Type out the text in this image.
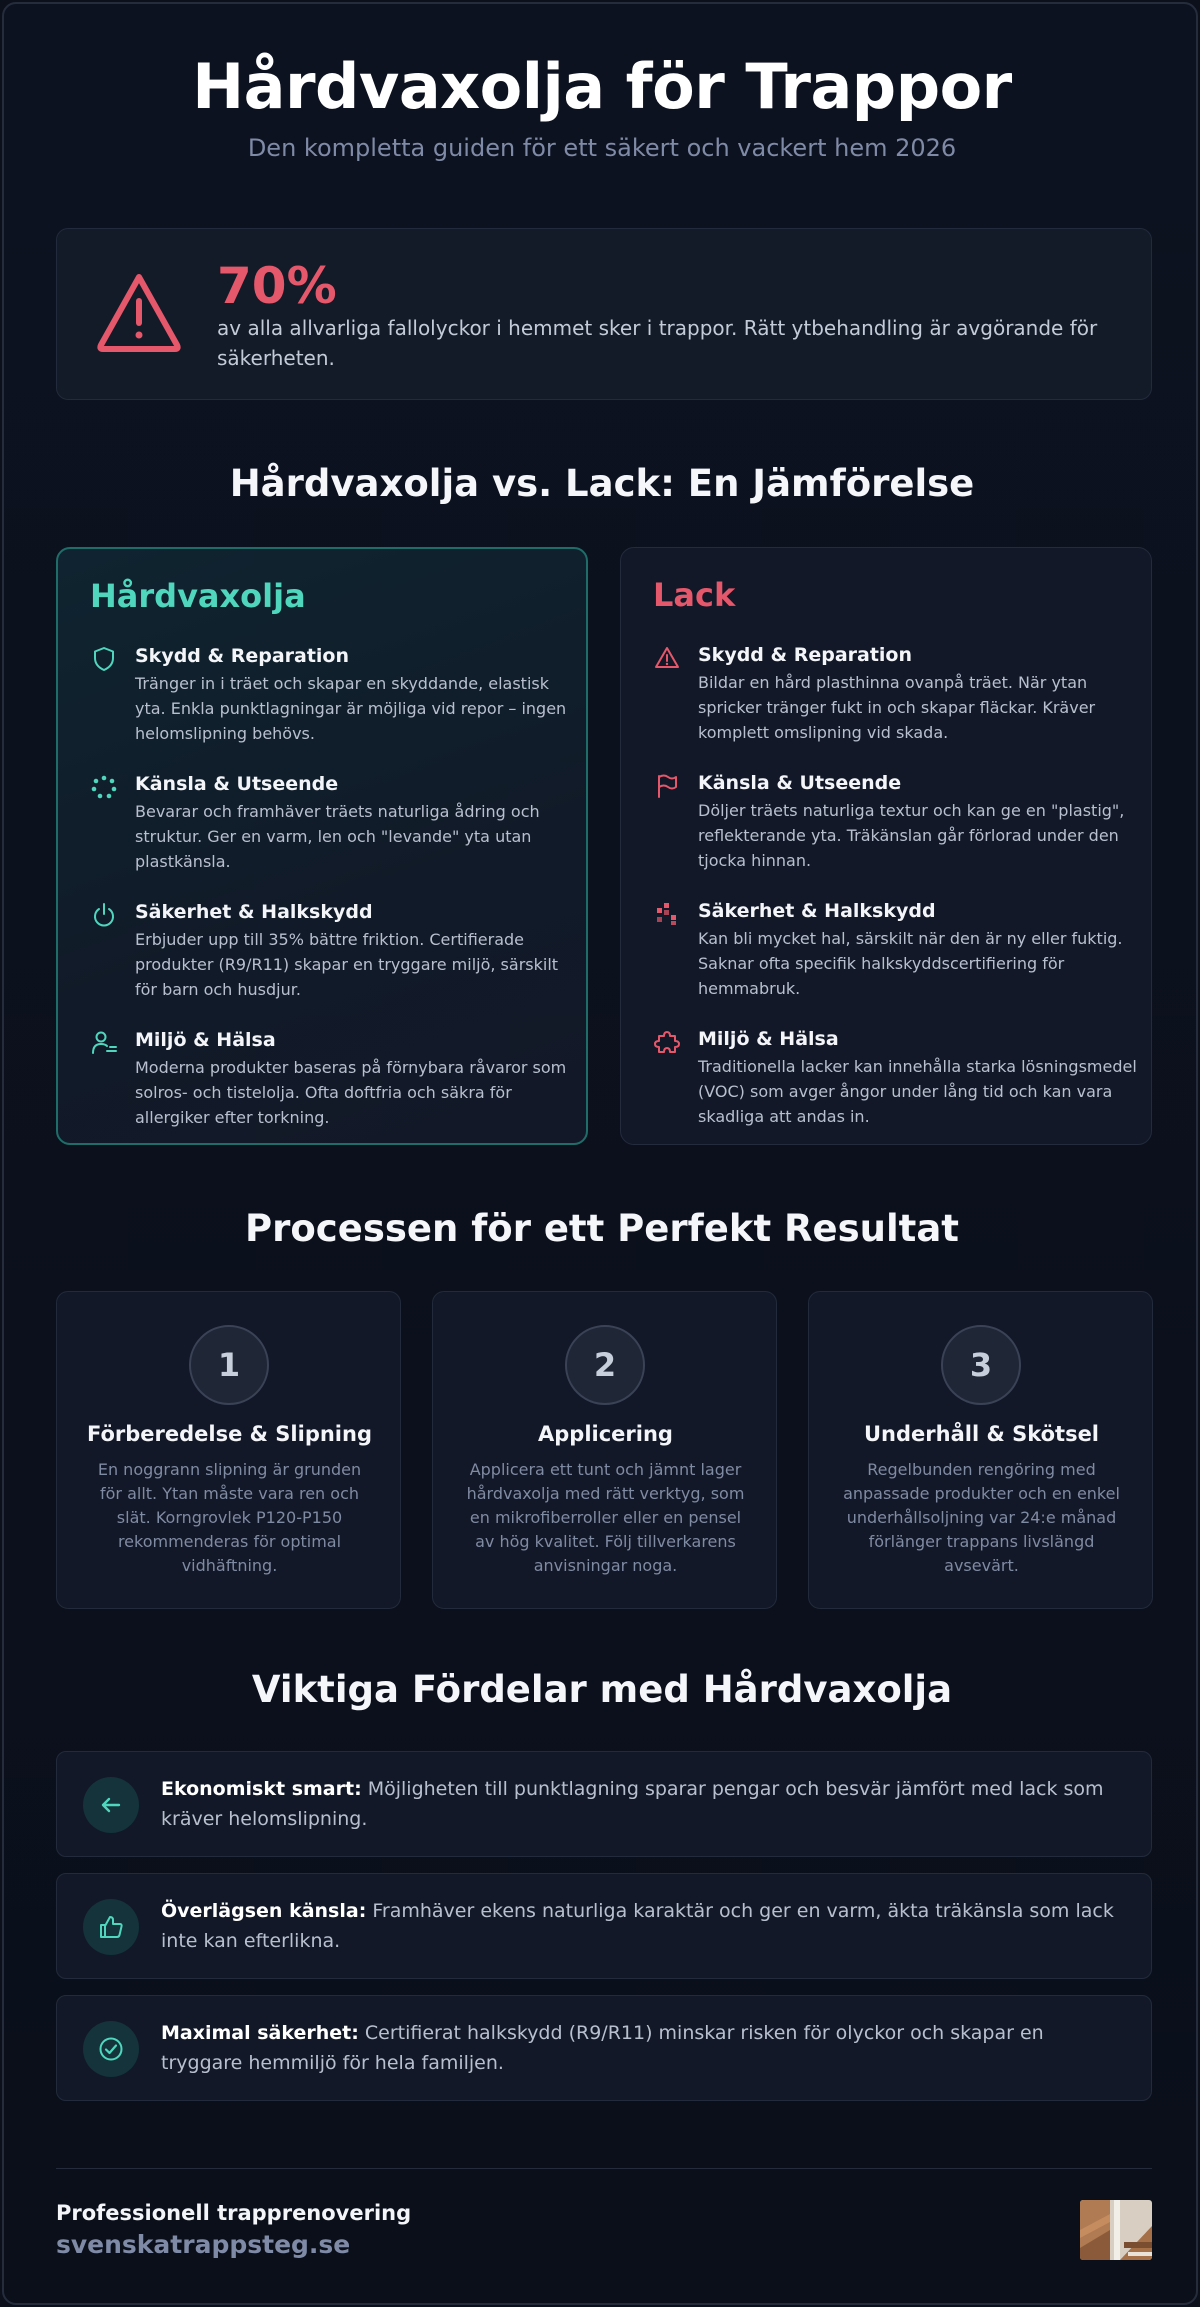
Hårdvaxolja för Trappor
Den kompletta guiden för ett säkert och vackert hem 2026
70%
av alla allvarliga fallolyckor i hemmet sker i trappor. Rätt ytbehandling är avgörande för säkerheten.
Hårdvaxolja vs. Lack: En Jämförelse
Hårdvaxolja
Skydd & Reparation
Tränger in i träet och skapar en skyddande, elastisk yta. Enkla punktlagningar är möjliga vid repor – ingen helomslipning behövs.
Känsla & Utseende
Bevarar och framhäver träets naturliga ådring och struktur. Ger en varm, len och "levande" yta utan plastkänsla.
Säkerhet & Halkskydd
Erbjuder upp till 35% bättre friktion. Certifierade produkter (R9/R11) skapar en tryggare miljö, särskilt för barn och husdjur.
Miljö & Hälsa
Moderna produkter baseras på förnybara råvaror som solros- och tistelolja. Ofta doftfria och säkra för allergiker efter torkning.
Lack
Skydd & Reparation
Bildar en hård plasthinna ovanpå träet. När ytan spricker tränger fukt in och skapar fläckar. Kräver komplett omslipning vid skada.
Känsla & Utseende
Döljer träets naturliga textur och kan ge en "plastig", reflekterande yta. Träkänslan går förlorad under den tjocka hinnan.
Säkerhet & Halkskydd
Kan bli mycket hal, särskilt när den är ny eller fuktig. Saknar ofta specifik halkskyddscertifiering för hemmabruk.
Miljö & Hälsa
Traditionella lacker kan innehålla starka lösningsmedel (VOC) som avger ångor under lång tid och kan vara skadliga att andas in.
Processen för ett Perfekt Resultat
1
Förberedelse & Slipning
En noggrann slipning är grunden för allt. Ytan måste vara ren och slät. Korngrovlek P120-P150 rekommenderas för optimal vidhäftning.
2
Applicering
Applicera ett tunt och jämnt lager hårdvaxolja med rätt verktyg, som en mikrofiberroller eller en pensel av hög kvalitet. Följ tillverkarens anvisningar noga.
3
Underhåll & Skötsel
Regelbunden rengöring med anpassade produkter och en enkel underhållsoljning var 24:e månad förlänger trappans livslängd avsevärt.
Viktiga Fördelar med Hårdvaxolja
Ekonomiskt smart: Möjligheten till punktlagning sparar pengar och besvär jämfört med lack som kräver helomslipning.
Överlägsen känsla: Framhäver ekens naturliga karaktär och ger en varm, äkta träkänsla som lack inte kan efterlikna.
Maximal säkerhet: Certifierat halkskydd (R9/R11) minskar risken för olyckor och skapar en tryggare hemmiljö för hela familjen.
Professionell trapprenovering
svenskatrappsteg.se
